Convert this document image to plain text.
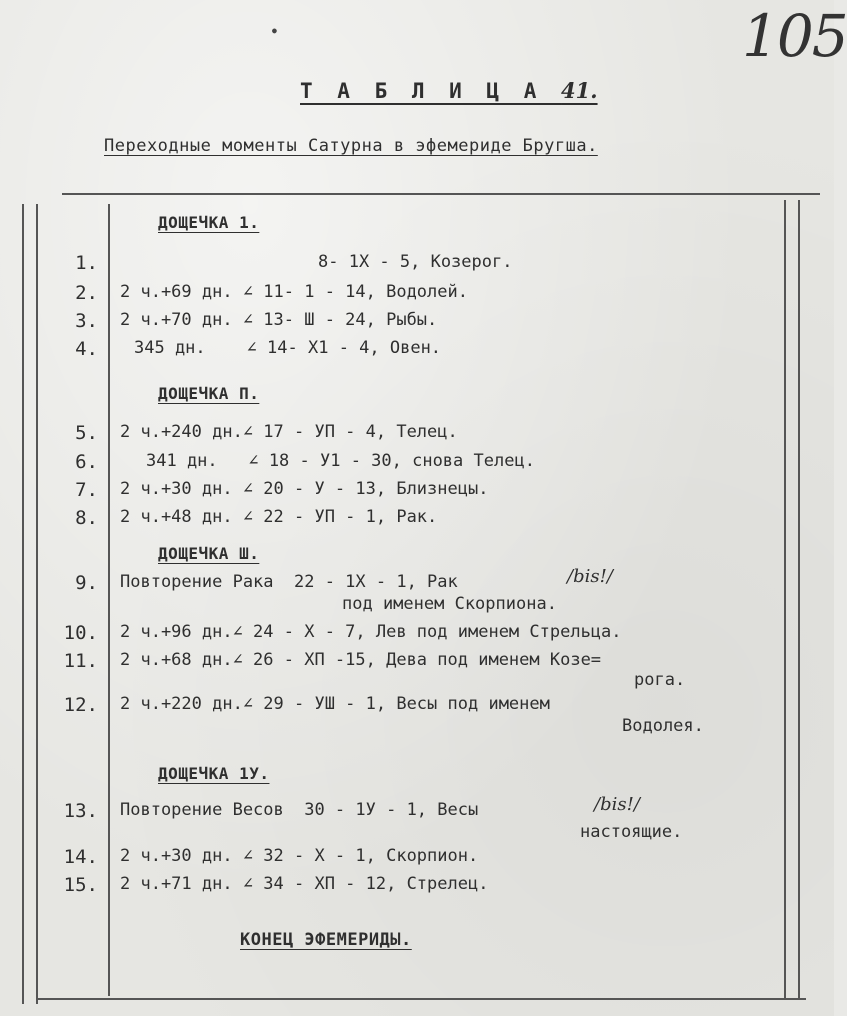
105
Т А Б Л И Ц А 41.
Переходные моменты Сатурна в эфемериде Бругша.
ДОЩЕЧКА 1.
ДОЩЕЧКА П.
ДОЩЕЧКА Ш.
ДОЩЕЧКА 1У.
1.	8- 1Х - 5, Козерог.
2. 2 ч.+69 дн. ∠ 11- 1 - 14, Водолей.
3. 2 ч.+70 дн. ∠ 13- Ш - 24, Рыбы.
4. 345 дн.    ∠ 14- Х1 - 4, Овен.
5. 2 ч.+240 дн.∠ 17 - УП - 4, Телец.
6.	341 дн.   ∠ 18 - У1 - 30, снова Телец.
7. 2 ч.+30 дн. ∠ 20 - У - 13, Близнецы.
8. 2 ч.+48 дн. ∠ 22 - УП - 1, Рак.
9. Повторение Рака  22 - 1Х - 1, Рак	/bis!/
под именем Скорпиона.
10. 2 ч.+96 дн.∠ 24 - Х - 7, Лев под именем Стрельца.
11. 2 ч.+68 дн.∠ 26 - ХП -15, Дева под именем Козе=
рога.
12. 2 ч.+220 дн.∠ 29 - УШ - 1, Весы под именем
Водолея.
13. Повторение Весов  30 - 1У - 1, Весы	/bis!/
настоящие.
14. 2 ч.+30 дн. ∠ 32 - Х - 1, Скорпион.
15. 2 ч.+71 дн. ∠ 34 - ХП - 12, Стрелец.
КОНЕЦ ЭФЕМЕРИДЫ.
●
